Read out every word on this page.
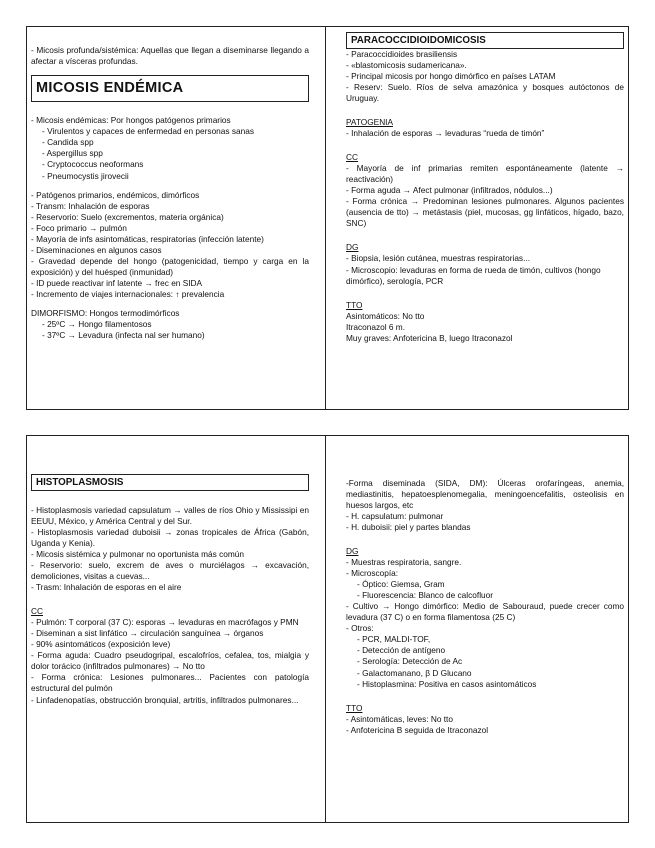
- Micosis profunda/sistémica: Aquellas que llegan a diseminarse llegando a afectar a vísceras profundas.

MICOSIS ENDÉMICA

- Micosis endémicas: Por hongos patógenos primarios

- Virulentos y capaces de enfermedad en personas sanas

- Candida spp

- Aspergillus spp

- Cryptococcus neoformans

- Pneumocystis jirovecii

- Patógenos primarios, endémicos, dimórficos

- Transm: Inhalación de esporas

- Reservorio: Suelo (excrementos, materia orgánica)

- Foco primario → pulmón

- Mayoría de infs asintomáticas, respiratorias (infección latente)

- Diseminaciones en algunos casos

- Gravedad depende del hongo (patogenicidad, tiempo y carga en la exposición) y del huésped (inmunidad)

- ID puede reactivar inf latente → frec en SIDA

- Incremento de viajes internacionales: ↑ prevalencia

DIMORFISMO: Hongos termodimórficos

- 25ºC → Hongo filamentosos

- 37ºC → Levadura (infecta nal ser humano)

PARACOCCIDIOIDOMICOSIS

- Paracoccidioides brasiliensis

- «blastomicosis sudamericana».

- Principal micosis por hongo dimórfico en países LATAM

- Reserv: Suelo. Ríos de selva amazónica y bosques autóctonos de Uruguay.

PATOGENIA

- Inhalación de esporas → levaduras “rueda de timón”

CC

- Mayoría de inf primarias remiten espontáneamente (latente → reactivación)

- Forma aguda → Afect pulmonar (infiltrados, nódulos...)

- Forma crónica → Predominan lesiones pulmonares. Algunos pacientes (ausencia de tto) → metástasis (piel, mucosas, gg linfáticos, hígado, bazo, SNC)

DG

- Biopsia, lesión cutánea, muestras respiratorias...

- Microscopio: levaduras en forma de rueda de timón, cultivos (hongo dimórfico), serología, PCR

TTO

Asintomáticos: No tto

Itraconazol 6 m.

Muy graves: Anfotericina B, luego Itraconazol

HISTOPLASMOSIS

- Histoplasmosis variedad capsulatum → valles de ríos Ohio y Mississipi en EEUU, México, y América Central y del Sur.

- Histoplasmosis variedad duboisii → zonas tropicales de África (Gabón, Uganda y Kenia).

- Micosis sistémica y pulmonar no oportunista más común

- Reservorio: suelo, excrem de aves o murciélagos → excavación, demoliciones, visitas a cuevas...

- Trasm: Inhalación de esporas en el aire

CC

- Pulmón: T corporal (37 C): esporas → levaduras en macrófagos y PMN

- Diseminan a sist linfático → circulación sanguínea → órganos

- 90% asintomáticos (exposición leve)

- Forma aguda: Cuadro pseudogripal, escalofríos, cefalea, tos, mialgia y dolor torácico (infiltrados pulmonares) → No tto

- Forma crónica: Lesiones pulmonares... Pacientes con patología estructural del pulmón

- Linfadenopatías, obstrucción bronquial, artritis, infiltrados pulmonares...

-Forma diseminada (SIDA, DM): Úlceras orofaríngeas, anemia, mediastinitis, hepatoesplenomegalia, meningoencefalitis, osteolisis en huesos largos, etc

- H. capsulatum: pulmonar

- H. duboisii: piel y partes blandas

DG

- Muestras respiratoria, sangre.

- Microscopía:

- Óptico: Giemsa, Gram

- Fluorescencia: Blanco de calcofluor

- Cultivo → Hongo dimórfico: Medio de Sabouraud, puede crecer como levadura (37 C) o en forma filamentosa (25 C)

- Otros:

- PCR, MALDI-TOF,

- Detección de antígeno

- Serología: Detección de Ac

- Galactomanano, β D Glucano

- Histoplasmina: Positiva en casos asintomáticos

TTO

- Asintomáticas, leves: No tto

- Anfotericina B seguida de Itraconazol
